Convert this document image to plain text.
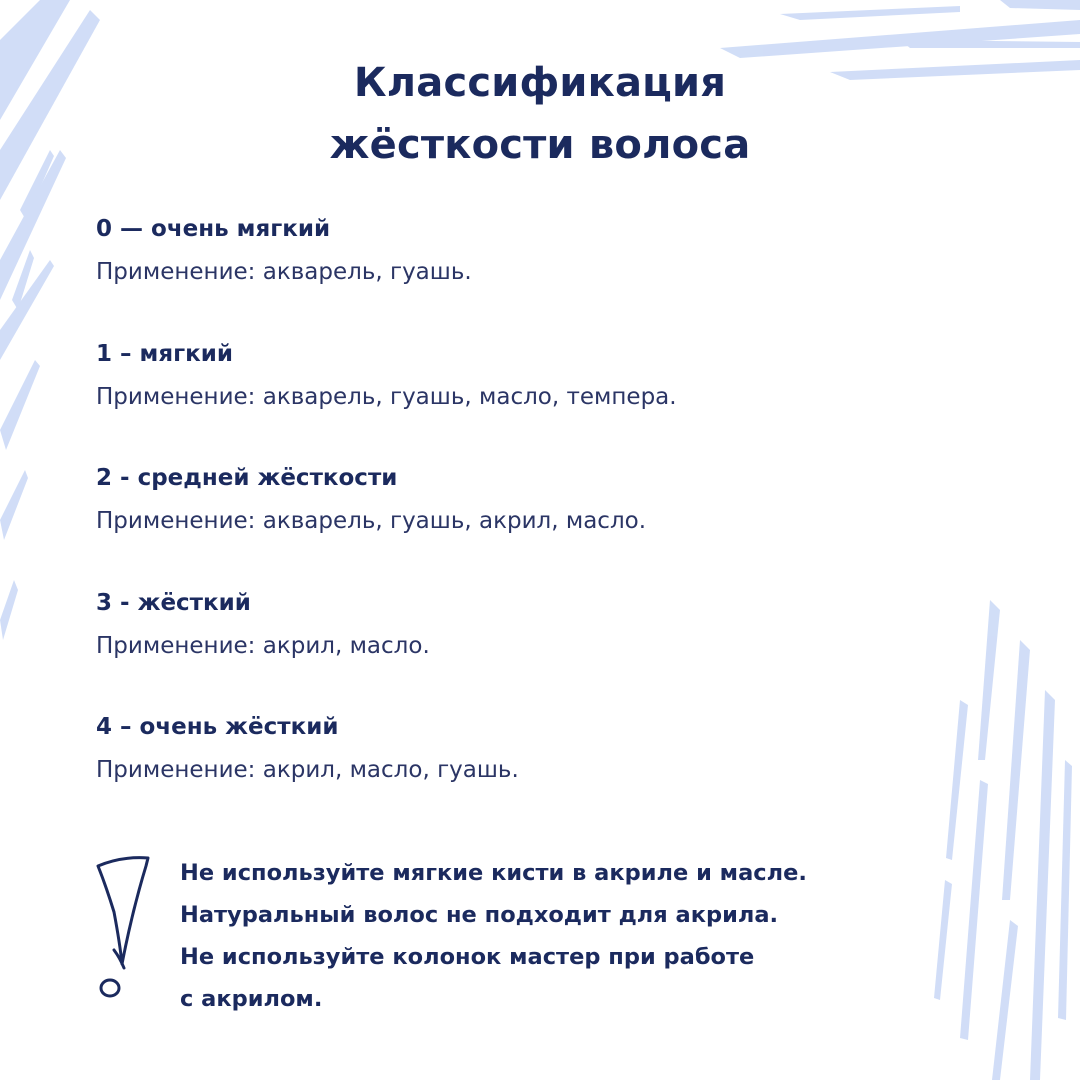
Классификация
жёсткости волоса
0 — очень мягкий
Применение: акварель, гуашь.
1 – мягкий
Применение: акварель, гуашь, масло, темпера.
2 - средней жёсткости
Применение: акварель, гуашь, акрил, масло.
3 - жёсткий
Применение: акрил, масло.
4 – очень жёсткий
Применение: акрил, масло, гуашь.
Не используйте мягкие кисти в акриле и масле.
Натуральный волос не подходит для акрила.
Не используйте колонок мастер при работе
с акрилом.
